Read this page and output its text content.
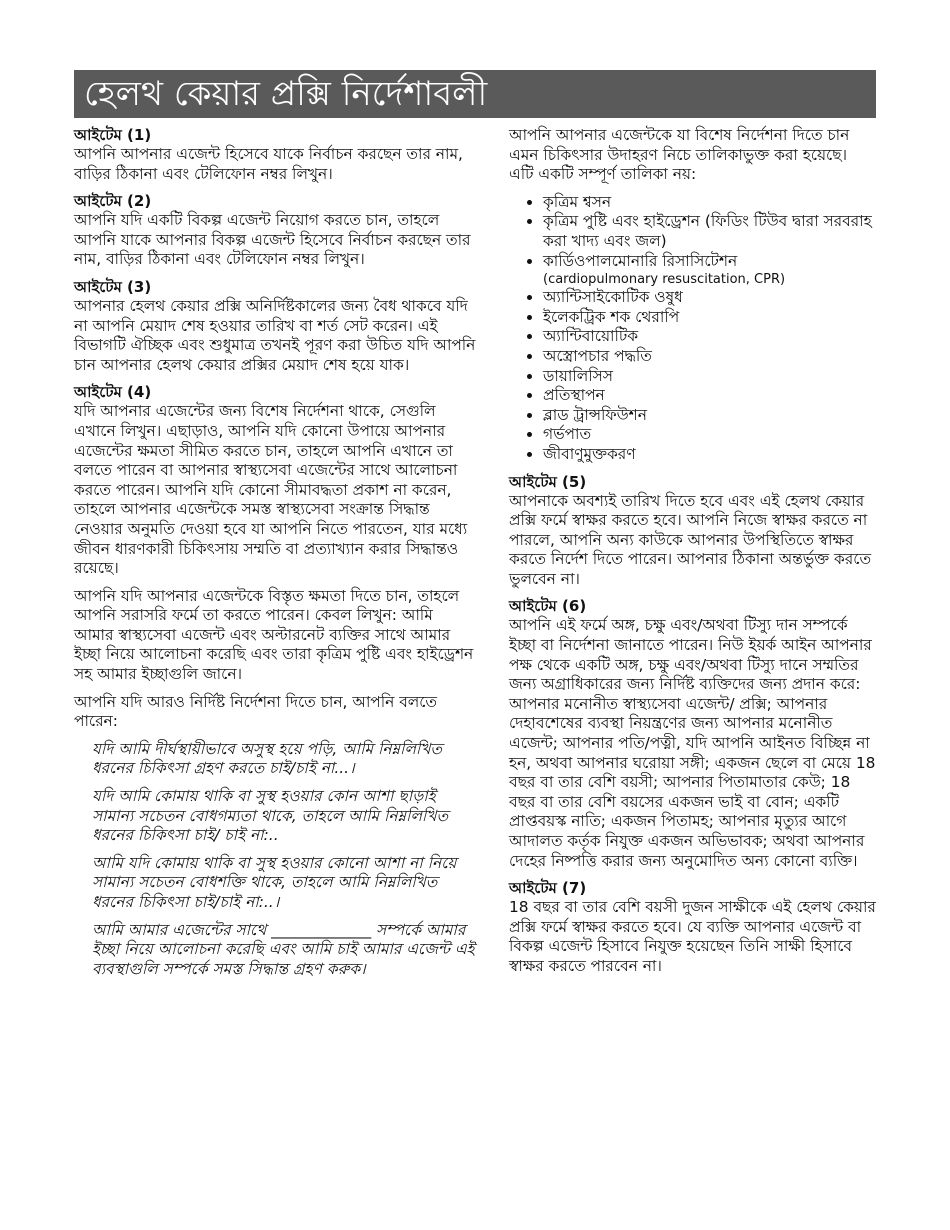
হেলথ কেয়ার প্রক্সি নির্দেশাবলী

আইটেম (1)

আপনি আপনার এজেন্ট হিসেবে যাকে নির্বাচন করছেন তার নাম, বাড়ির ঠিকানা এবং টেলিফোন নম্বর লিখুন।

আইটেম (2)

আপনি যদি একটি বিকল্প এজেন্ট নিয়োগ করতে চান, তাহলে আপনি যাকে আপনার বিকল্প এজেন্ট হিসেবে নির্বাচন করছেন তার নাম, বাড়ির ঠিকানা এবং টেলিফোন নম্বর লিখুন।

আইটেম (3)

আপনার হেলথ কেয়ার প্রক্সি অনির্দিষ্টকালের জন্য বৈধ থাকবে যদি না আপনি মেয়াদ শেষ হওয়ার তারিখ বা শর্ত সেট করেন। এই বিভাগটি ঐচ্ছিক এবং শুধুমাত্র তখনই পূরণ করা উচিত যদি আপনি চান আপনার হেলথ কেয়ার প্রক্সির মেয়াদ শেষ হয়ে যাক।

আইটেম (4)

যদি আপনার এজেন্টের জন্য বিশেষ নির্দেশনা থাকে, সেগুলি এখানে লিখুন। এছাড়াও, আপনি যদি কোনো উপায়ে আপনার এজেন্টের ক্ষমতা সীমিত করতে চান, তাহলে আপনি এখানে তা বলতে পারেন বা আপনার স্বাস্থ্যসেবা এজেন্টের সাথে আলোচনা করতে পারেন। আপনি যদি কোনো সীমাবদ্ধতা প্রকাশ না করেন, তাহলে আপনার এজেন্টকে সমস্ত স্বাস্থ্যসেবা সংক্রান্ত সিদ্ধান্ত নেওয়ার অনুমতি দেওয়া হবে যা আপনি নিতে পারতেন, যার মধ্যে জীবন ধারণকারী চিকিৎসায় সম্মতি বা প্রত্যাখ্যান করার সিদ্ধান্তও রয়েছে।

আপনি যদি আপনার এজেন্টকে বিস্তৃত ক্ষমতা দিতে চান, তাহলে আপনি সরাসরি ফর্মে তা করতে পারেন। কেবল লিখুন: আমি আমার স্বাস্থ্যসেবা এজেন্ট এবং অল্টারনেট ব্যক্তির সাথে আমার ইচ্ছা নিয়ে আলোচনা করেছি এবং তারা কৃত্রিম পুষ্টি এবং হাইড্রেশন সহ আমার ইচ্ছাগুলি জানে।

আপনি যদি আরও নির্দিষ্ট নির্দেশনা দিতে চান, আপনি বলতে পারেন:

যদি আমি দীর্ঘস্থায়ীভাবে অসুস্থ হয়ে পড়ি, আমি নিম্নলিখিত ধরনের চিকিৎসা গ্রহণ করতে চাই/চাই না...।

যদি আমি কোমায় থাকি বা সুস্থ হওয়ার কোন আশা ছাড়াই সামান্য সচেতন বোধগম্যতা থাকে, তাহলে আমি নিম্নলিখিত ধরনের চিকিৎসা চাই/ চাই না:..

আমি যদি কোমায় থাকি বা সুস্থ হওয়ার কোনো আশা না নিয়ে সামান্য সচেতন বোধশক্তি থাকে, তাহলে আমি নিম্নলিখিত ধরনের চিকিৎসা চাই/চাই না:..।

আমি আমার এজেন্টের সাথে _____________ সম্পর্কে আমার ইচ্ছা নিয়ে আলোচনা করেছি এবং আমি চাই আমার এজেন্ট এই ব্যবস্থাগুলি সম্পর্কে সমস্ত সিদ্ধান্ত গ্রহণ করুক।

আপনি আপনার এজেন্টকে যা বিশেষ নির্দেশনা দিতে চান এমন চিকিৎসার উদাহরণ নিচে তালিকাভুক্ত করা হয়েছে। এটি একটি সম্পূর্ণ তালিকা নয়:

• কৃত্রিম শ্বসন
• কৃত্রিম পুষ্টি এবং হাইড্রেশন (ফিডিং টিউব দ্বারা সরবরাহ করা খাদ্য এবং জল)
• কার্ডিওপালমোনারি রিসাসিটেশন
(cardiopulmonary resuscitation, CPR)
• অ্যান্টিসাইকোটিক ওষুধ
• ইলেকট্রিক শক থেরাপি
• অ্যান্টিবায়োটিক
• অস্ত্রোপচার পদ্ধতি
• ডায়ালিসিস
• প্রতিস্থাপন
• ব্লাড ট্রান্সফিউশন
• গর্ভপাত
• জীবাণুমুক্তকরণ

আইটেম (5)

আপনাকে অবশ্যই তারিখ দিতে হবে এবং এই হেলথ কেয়ার প্রক্সি ফর্মে স্বাক্ষর করতে হবে। আপনি নিজে স্বাক্ষর করতে না পারলে, আপনি অন্য কাউকে আপনার উপস্থিতিতে স্বাক্ষর করতে নির্দেশ দিতে পারেন। আপনার ঠিকানা অন্তর্ভুক্ত করতে ভুলবেন না।

আইটেম (6)

আপনি এই ফর্মে অঙ্গ, চক্ষু এবং/অথবা টিস্যু দান সম্পর্কে ইচ্ছা বা নির্দেশনা জানাতে পারেন। নিউ ইয়র্ক আইন আপনার পক্ষ থেকে একটি অঙ্গ, চক্ষু এবং/অথবা টিস্যু দানে সম্মতির জন্য অগ্রাধিকারের জন্য নির্দিষ্ট ব্যক্তিদের জন্য প্রদান করে: আপনার মনোনীত স্বাস্থ্যসেবা এজেন্ট/ প্রক্সি; আপনার দেহাবশেষের ব্যবস্থা নিয়ন্ত্রণের জন্য আপনার মনোনীত এজেন্ট; আপনার পতি/পত্নী, যদি আপনি আইনত বিচ্ছিন্ন না হন, অথবা আপনার ঘরোয়া সঙ্গী; একজন ছেলে বা মেয়ে 18 বছর বা তার বেশি বয়সী; আপনার পিতামাতার কেউ; 18 বছর বা তার বেশি বয়সের একজন ভাই বা বোন; একটি প্রাপ্তবয়স্ক নাতি; একজন পিতামহ; আপনার মৃত্যুর আগে আদালত কর্তৃক নিযুক্ত একজন অভিভাবক; অথবা আপনার দেহের নিষ্পত্তি করার জন্য অনুমোদিত অন্য কোনো ব্যক্তি।

আইটেম (7)

18 বছর বা তার বেশি বয়সী দুজন সাক্ষীকে এই হেলথ কেয়ার প্রক্সি ফর্মে স্বাক্ষর করতে হবে। যে ব্যক্তি আপনার এজেন্ট বা বিকল্প এজেন্ট হিসাবে নিযুক্ত হয়েছেন তিনি সাক্ষী হিসাবে স্বাক্ষর করতে পারবেন না।
